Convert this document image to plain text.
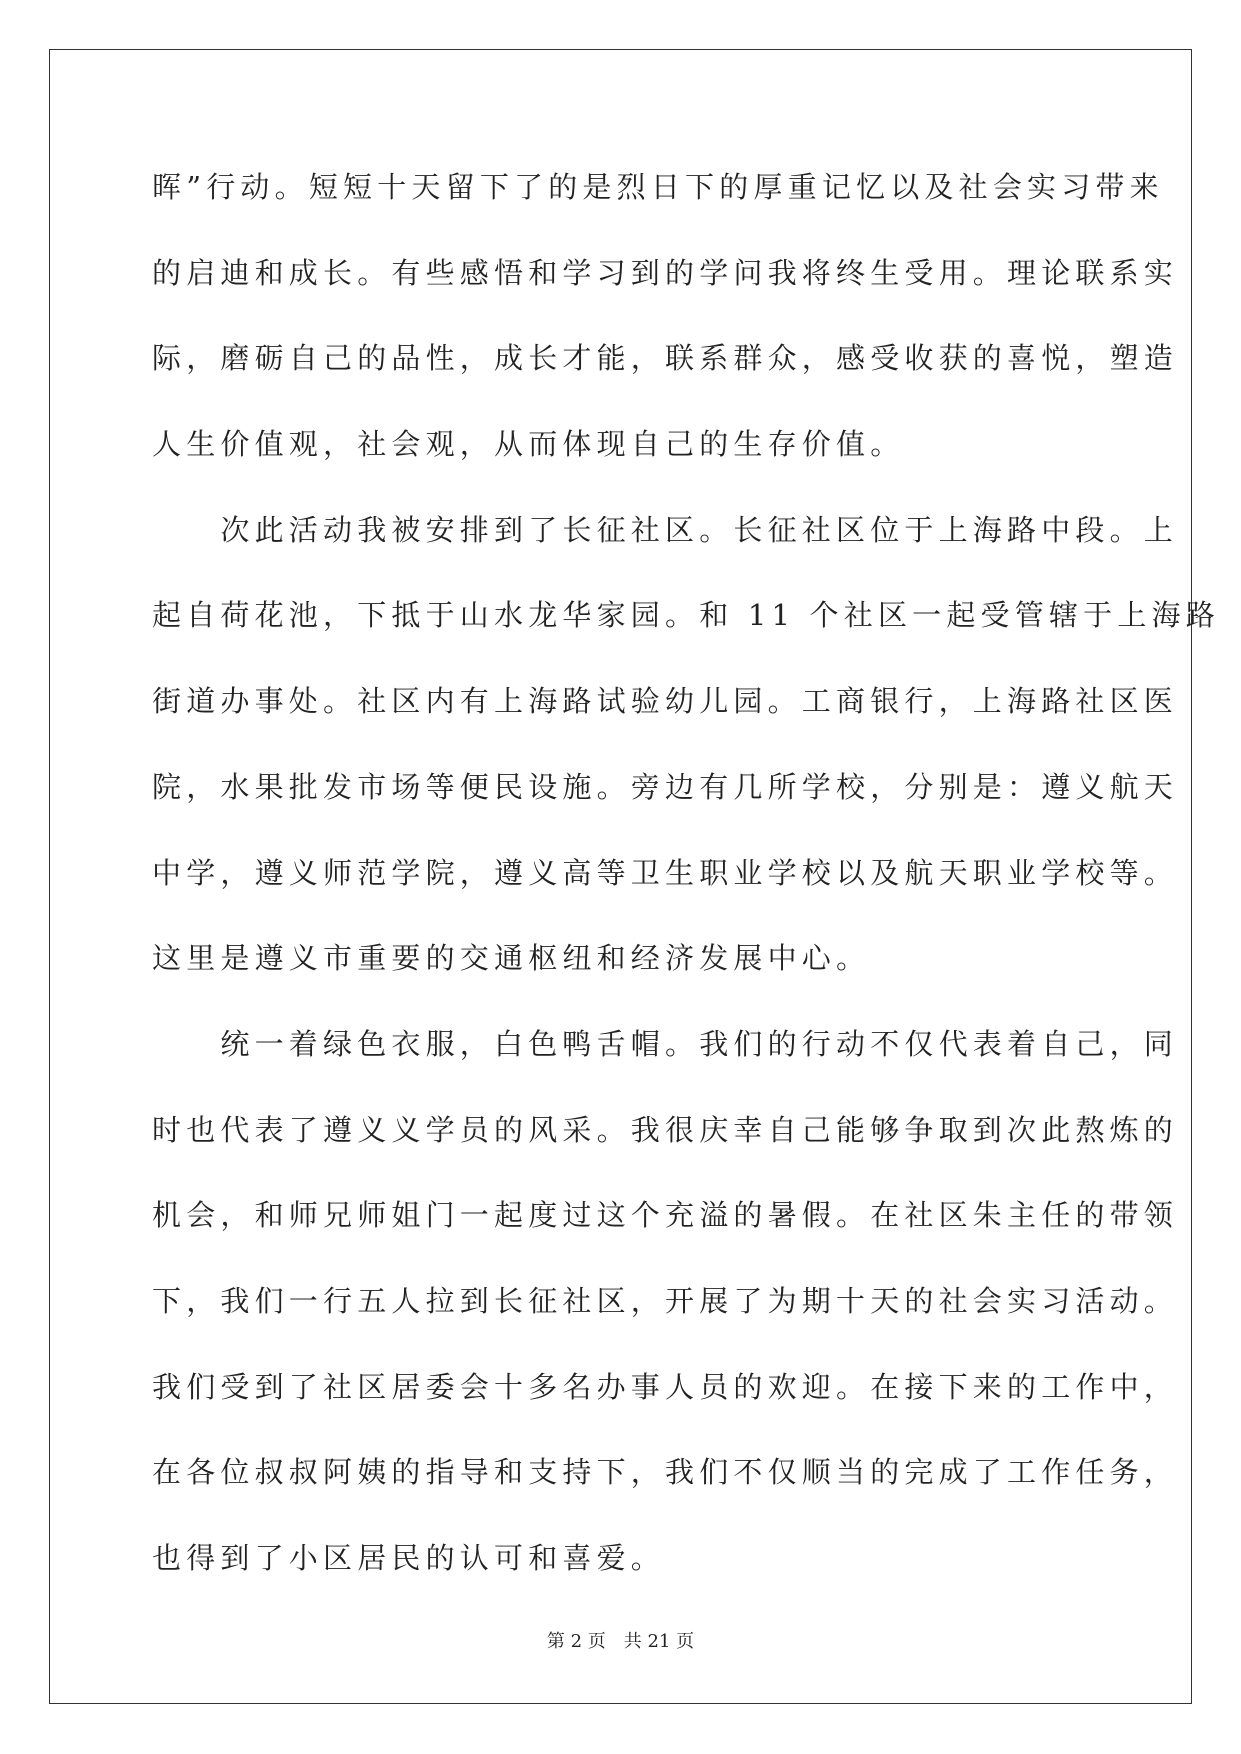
晖”行动。短短十天留下了的是烈日下的厚重记忆以及社会实习带来
的启迪和成长。有些感悟和学习到的学问我将终生受用。理论联系实
际，磨砺自己的品性，成长才能，联系群众，感受收获的喜悦，塑造
人生价值观，社会观，从而体现自己的生存价值。
　　次此活动我被安排到了长征社区。长征社区位于上海路中段。上
起自荷花池，下抵于山水龙华家园。和 11 个社区一起受管辖于上海路
街道办事处。社区内有上海路试验幼儿园。工商银行，上海路社区医
院，水果批发市场等便民设施。旁边有几所学校，分别是：遵义航天
中学，遵义师范学院，遵义高等卫生职业学校以及航天职业学校等。
这里是遵义市重要的交通枢纽和经济发展中心。
　　统一着绿色衣服，白色鸭舌帽。我们的行动不仅代表着自己，同
时也代表了遵义义学员的风采。我很庆幸自己能够争取到次此熬炼的
机会，和师兄师姐门一起度过这个充溢的暑假。在社区朱主任的带领
下，我们一行五人拉到长征社区，开展了为期十天的社会实习活动。
我们受到了社区居委会十多名办事人员的欢迎。在接下来的工作中，
在各位叔叔阿姨的指导和支持下，我们不仅顺当的完成了工作任务，
也得到了小区居民的认可和喜爱。
第 2 页 共 21 页
